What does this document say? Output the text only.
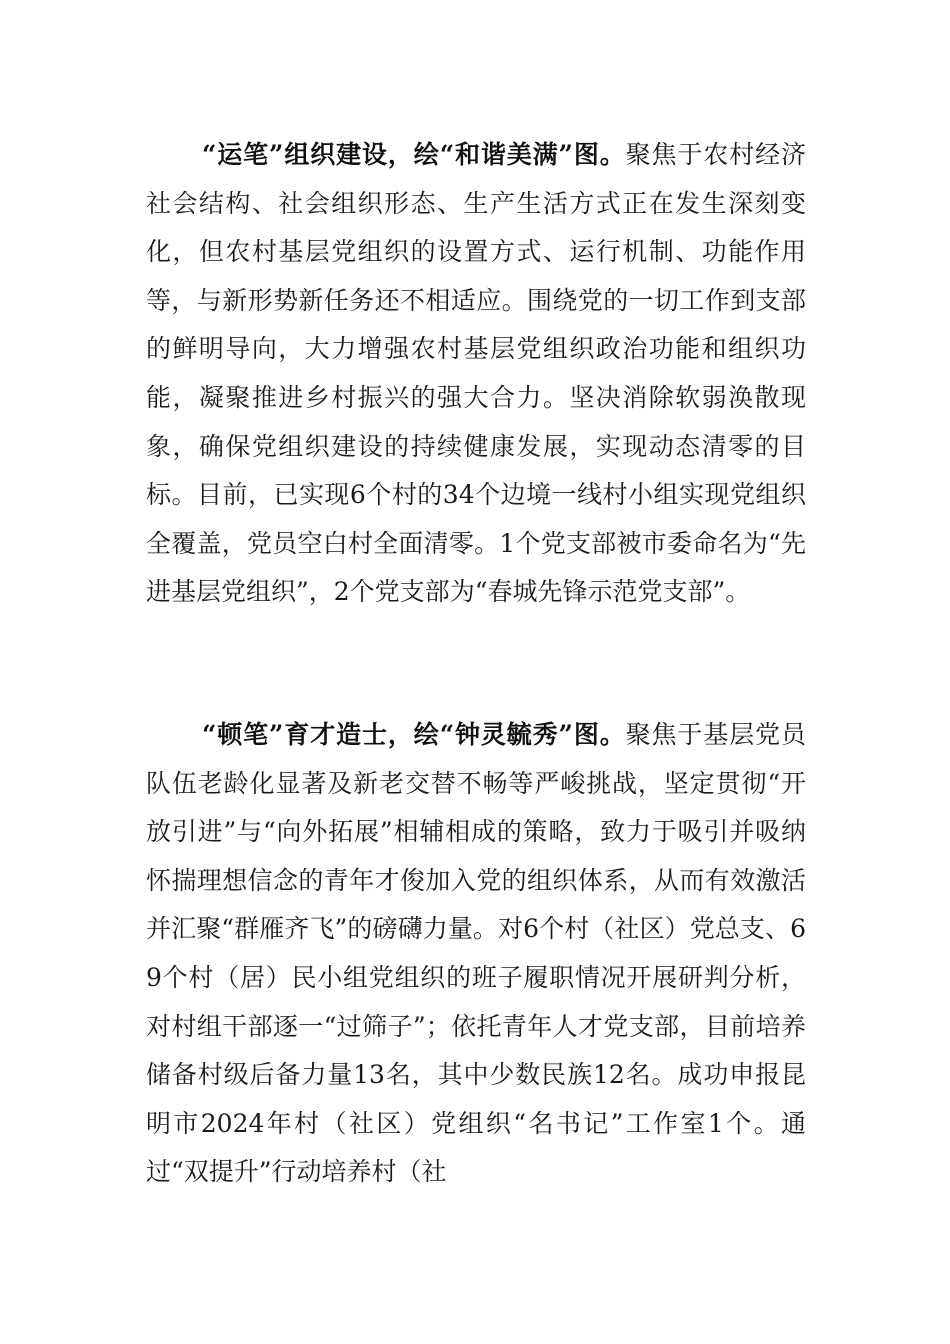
“运笔”组织建设，绘“和谐美满”图。聚焦于农村经济社会结构、社会组织形态、生产生活方式正在发生深刻变化，但农村基层党组织的设置方式、运行机制、功能作用等，与新形势新任务还不相适应。围绕党的一切工作到支部的鲜明导向，大力增强农村基层党组织政治功能和组织功能，凝聚推进乡村振兴的强大合力。坚决消除软弱涣散现象，确保党组织建设的持续健康发展，实现动态清零的目标。目前，已实现6个村的34个边境一线村小组实现党组织全覆盖，党员空白村全面清零。1个党支部被市委命名为“先进基层党组织”，2个党支部为“春城先锋示范党支部”。

“顿笔”育才造士，绘“钟灵毓秀”图。聚焦于基层党员队伍老龄化显著及新老交替不畅等严峻挑战，坚定贯彻“开放引进”与“向外拓展”相辅相成的策略，致力于吸引并吸纳怀揣理想信念的青年才俊加入党的组织体系，从而有效激活并汇聚“群雁齐飞”的磅礴力量。对6个村（社区）党总支、69个村（居）民小组党组织的班子履职情况开展研判分析，对村组干部逐一“过筛子”；依托青年人才党支部，目前培养储备村级后备力量13名，其中少数民族12名。成功申报昆明市2024年村（社区）党组织“名书记”工作室1个。通过“双提升”行动培养村（社
